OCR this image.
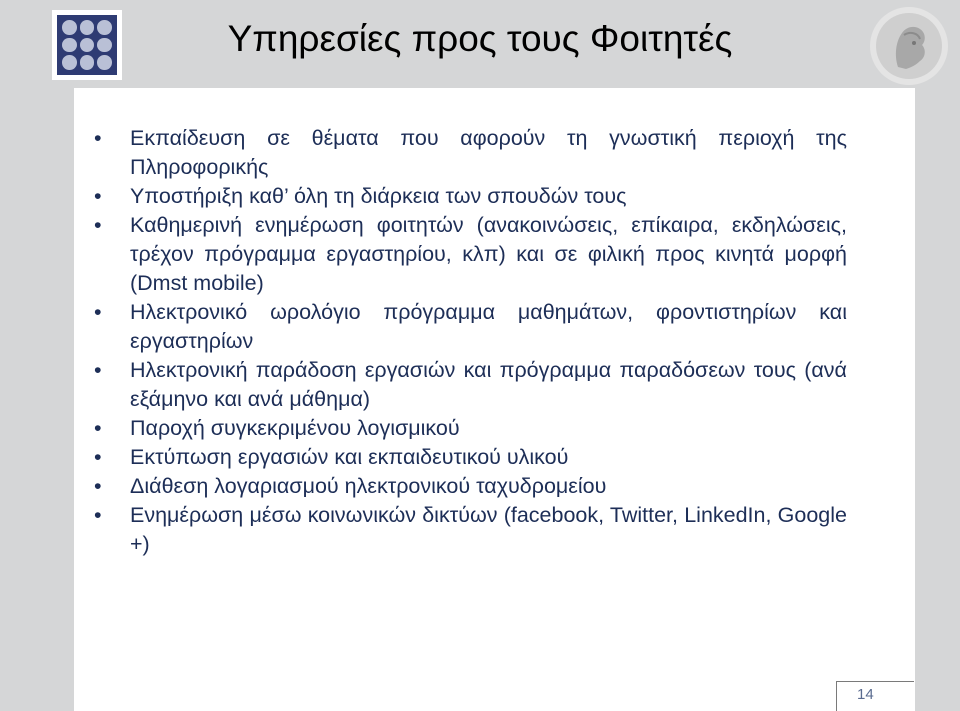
Υπηρεσίες προς τους Φοιτητές
• Εκπαίδευση σε θέματα που αφορούν τη γνωστική περιοχή της Πληροφορικής
• Υποστήριξη καθ’ όλη τη διάρκεια των σπουδών τους
• Καθημερινή ενημέρωση φοιτητών (ανακοινώσεις, επίκαιρα, εκδηλώσεις, τρέχον πρόγραμμα εργαστηρίου, κλπ) και σε φιλική προς κινητά μορφή (Dmst mobile)
• Ηλεκτρονικό ωρολόγιο πρόγραμμα μαθημάτων, φροντιστηρίων και εργαστηρίων
• Ηλεκτρονική παράδοση εργασιών και πρόγραμμα παραδόσεων τους (ανά εξάμηνο και ανά μάθημα)
• Παροχή συγκεκριμένου λογισμικού
• Εκτύπωση εργασιών και εκπαιδευτικού υλικού
• Διάθεση λογαριασμού ηλεκτρονικού ταχυδρομείου
• Ενημέρωση μέσω κοινωνικών δικτύων (facebook, Twitter, LinkedIn, Google +)
14
